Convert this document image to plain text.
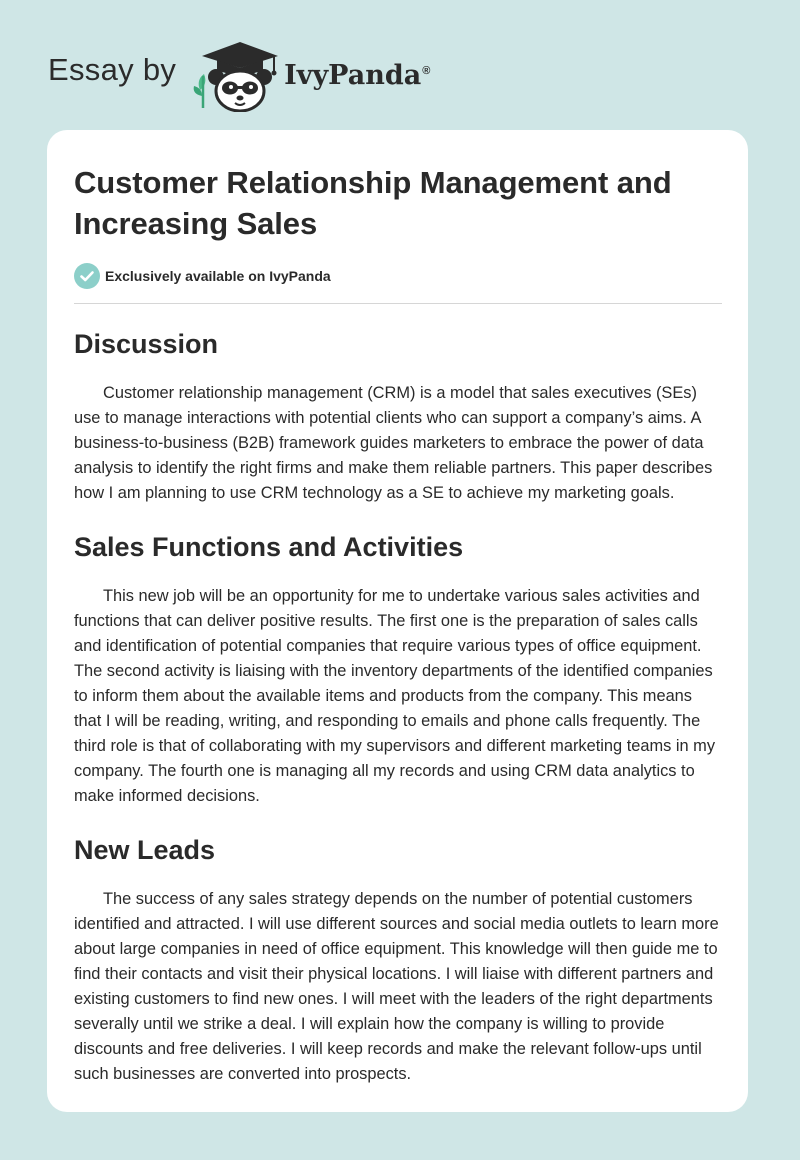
Essay by	IvyPanda®
Customer Relationship Management and Increasing Sales
Exclusively available on IvyPanda
Discussion

Customer relationship management (CRM) is a model that sales executives (SEs) use to manage interactions with potential clients who can support a company’s aims. A business-to-business (B2B) framework guides marketers to embrace the power of data analysis to identify the right firms and make them reliable partners. This paper describes how I am planning to use CRM technology as a SE to achieve my marketing goals.

Sales Functions and Activities

This new job will be an opportunity for me to undertake various sales activities and functions that can deliver positive results. The first one is the preparation of sales calls and identification of potential companies that require various types of office equipment. The second activity is liaising with the inventory departments of the identified companies to inform them about the available items and products from the company. This means that I will be reading, writing, and responding to emails and phone calls frequently. The third role is that of collaborating with my supervisors and different marketing teams in my company. The fourth one is managing all my records and using CRM data analytics to make informed decisions.

New Leads

The success of any sales strategy depends on the number of potential customers identified and attracted. I will use different sources and social media outlets to learn more about large companies in need of office equipment. This knowledge will then guide me to find their contacts and visit their physical locations. I will liaise with different partners and existing customers to find new ones. I will meet with the leaders of the right departments severally until we strike a deal. I will explain how the company is willing to provide discounts and free deliveries. I will keep records and make the relevant follow-ups until such businesses are converted into prospects.
